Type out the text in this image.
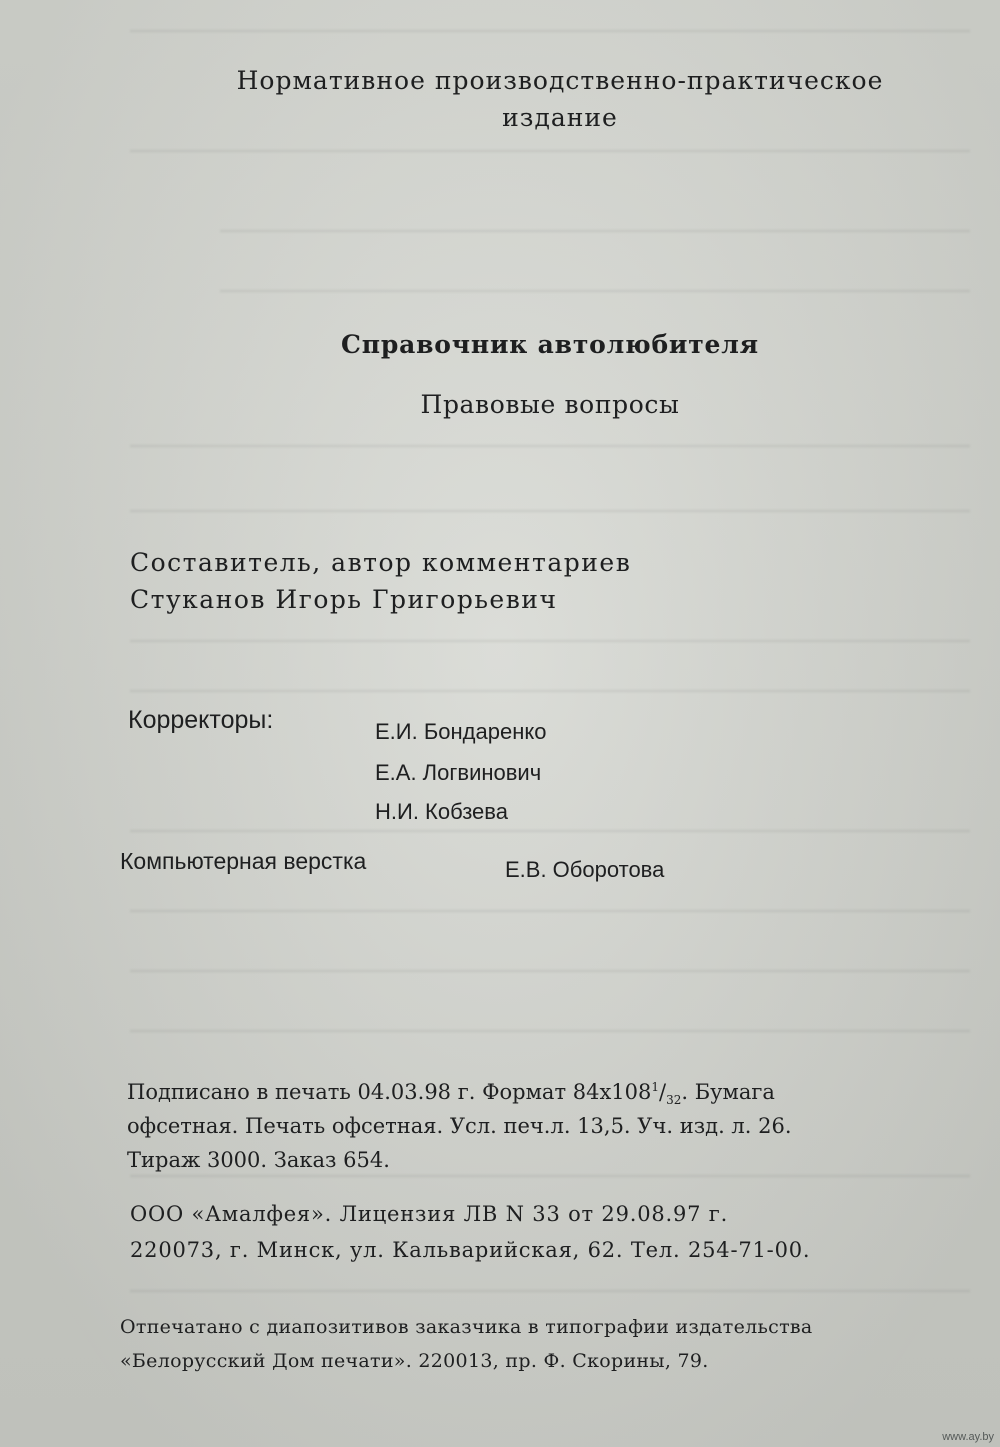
Нормативное производственно-практическое
издание
Справочник автолюбителя
Правовые вопросы
Составитель, автор комментариев
Стуканов Игорь Григорьевич
Корректоры:	Е.И. Бондаренко
Е.А. Логвинович
Н.И. Кобзева
Компьютерная верстка	Е.В. Оборотова
Подписано в печать 04.03.98 г. Формат $84x108^1/_{32}$. Бумага
офсетная. Печать офсетная. Усл. печ.л. 13,5. Уч. изд. л. 26.
Тираж 3000. Заказ 654.
ООО «Амалфея». Лицензия ЛВ N 33 от 29.08.97 г.
220073, г. Минск, ул. Кальварийская, 62. Тел. 254-71-00.
Отпечатано с диапозитивов заказчика в типографии издательства
«Белорусский Дом печати». 220013, пр. Ф. Скорины, 79.
www.ay.by
